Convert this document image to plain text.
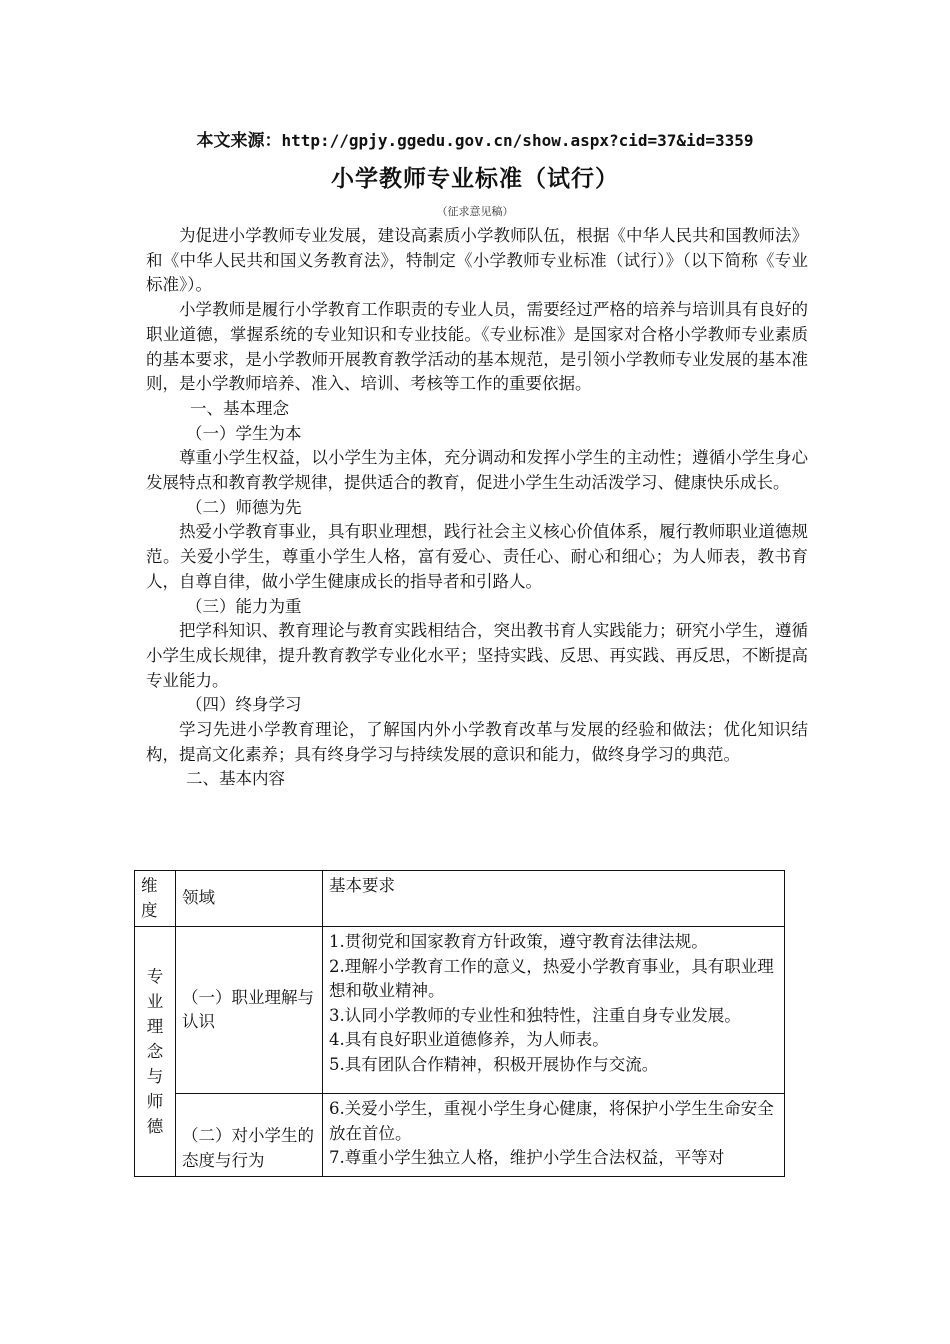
本文来源：http://gpjy.ggedu.gov.cn/show.aspx?cid=37&id=3359
小学教师专业标准（试行）
（征求意见稿）

为促进小学教师专业发展，建设高素质小学教师队伍，根据《中华人民共和国教师法》和《中华人民共和国义务教育法》，特制定《小学教师专业标准（试行）》（以下简称《专业标准》）。

小学教师是履行小学教育工作职责的专业人员，需要经过严格的培养与培训具有良好的职业道德，掌握系统的专业知识和专业技能。《专业标准》是国家对合格小学教师专业素质的基本要求，是小学教师开展教育教学活动的基本规范，是引领小学教师专业发展的基本准则，是小学教师培养、准入、培训、考核等工作的重要依据。

一、基本理念

（一）学生为本

尊重小学生权益，以小学生为主体，充分调动和发挥小学生的主动性；遵循小学生身心发展特点和教育教学规律，提供适合的教育，促进小学生生动活泼学习、健康快乐成长。

（二）师德为先

热爱小学教育事业，具有职业理想，践行社会主义核心价值体系，履行教师职业道德规范。关爱小学生，尊重小学生人格，富有爱心、责任心、耐心和细心；为人师表，教书育人，自尊自律，做小学生健康成长的指导者和引路人。

（三）能力为重

把学科知识、教育理论与教育实践相结合，突出教书育人实践能力；研究小学生，遵循小学生成长规律，提升教育教学专业化水平；坚持实践、反思、再实践、再反思，不断提高专业能力。

（四）终身学习

学习先进小学教育理论，了解国内外小学教育改革与发展的经验和做法；优化知识结构，提高文化素养；具有终身学习与持续发展的意识和能力，做终身学习的典范。

二、基本内容

维度	领域	基本要求
专业理念与师德	（一）职业理解与认识	1.贯彻党和国家教育方针政策，遵守教育法律法规。
2.理解小学教育工作的意义，热爱小学教育事业，具有职业理想和敬业精神。
3.认同小学教师的专业性和独特性，注重自身专业发展。
4.具有良好职业道德修养，为人师表。
5.具有团队合作精神，积极开展协作与交流。

	（二）对小学生的态度与行为	6.关爱小学生，重视小学生身心健康，将保护小学生生命安全放在首位。
7.尊重小学生独立人格，维护小学生合法权益，平等对
